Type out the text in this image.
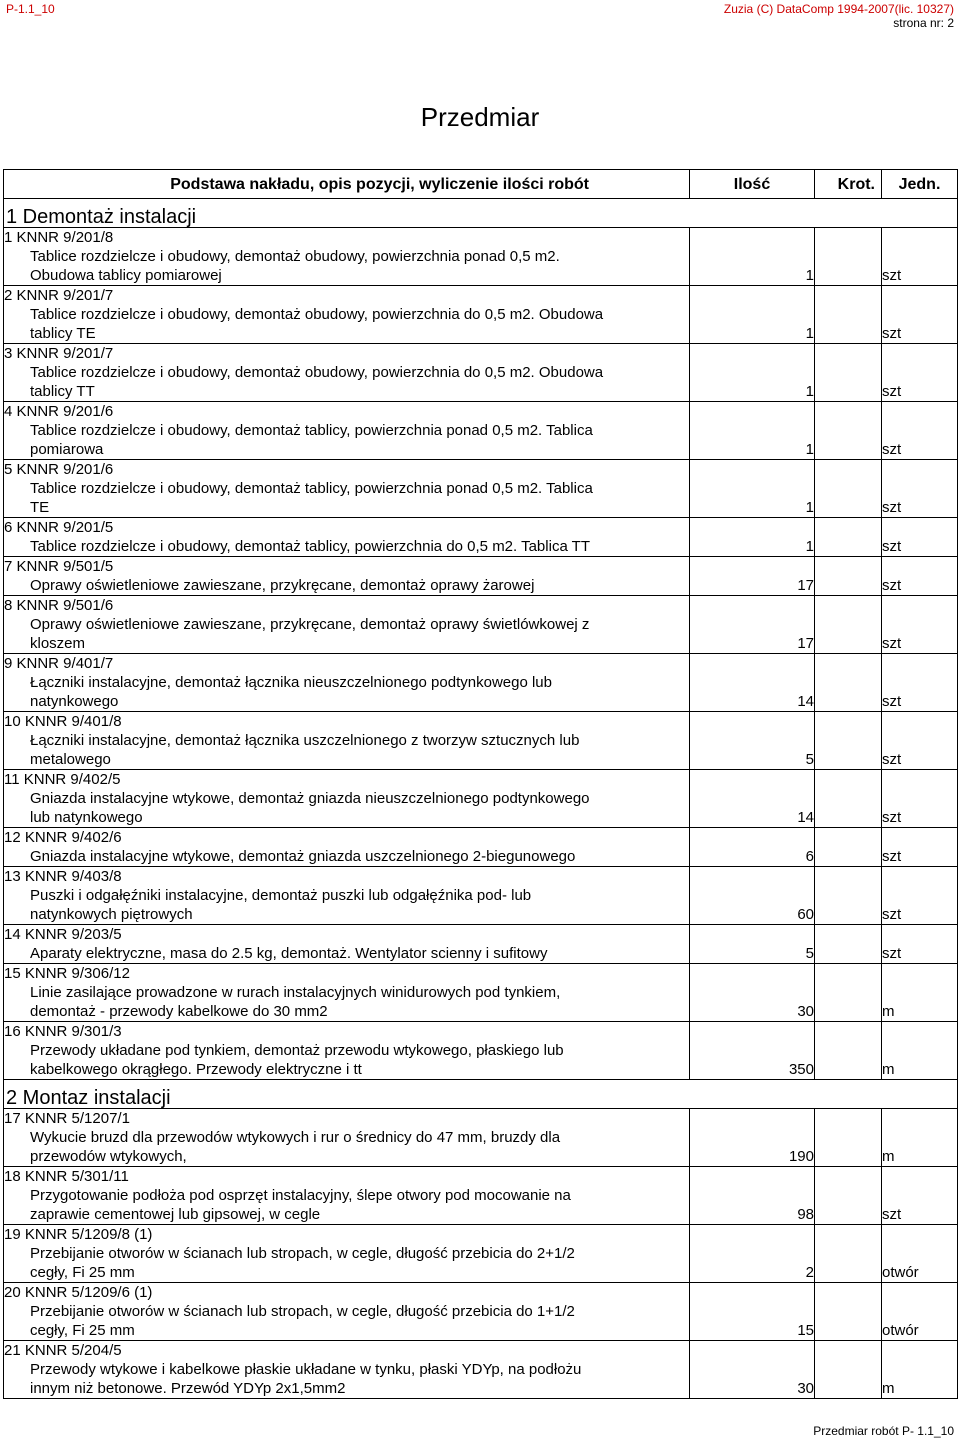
P-1.1_10	Zuzia (C) DataComp 1994-2007(lic. 10327)
strona nr: 2
Przedmiar
Podstawa nakładu, opis pozycji, wyliczenie ilości robót	Ilość	Krot.	Jedn.
1 Demontaż instalacji			

1 KNNR 9/201/8
Tablice rozdzielcze i obudowy, demontaż obudowy, powierzchnia ponad 0,5 m2.
Obudowa tablicy pomiarowej	1		szt

2 KNNR 9/201/7
Tablice rozdzielcze i obudowy, demontaż obudowy, powierzchnia do 0,5 m2. Obudowa
tablicy TE	1		szt

3 KNNR 9/201/7
Tablice rozdzielcze i obudowy, demontaż obudowy, powierzchnia do 0,5 m2. Obudowa
tablicy TT	1		szt

4 KNNR 9/201/6
Tablice rozdzielcze i obudowy, demontaż tablicy, powierzchnia ponad 0,5 m2. Tablica
pomiarowa	1		szt

5 KNNR 9/201/6
Tablice rozdzielcze i obudowy, demontaż tablicy, powierzchnia ponad 0,5 m2. Tablica
TE	1		szt

6 KNNR 9/201/5
Tablice rozdzielcze i obudowy, demontaż tablicy, powierzchnia do 0,5 m2. Tablica TT	1		szt

7 KNNR 9/501/5
Oprawy oświetleniowe zawieszane, przykręcane, demontaż oprawy żarowej	17		szt

8 KNNR 9/501/6
Oprawy oświetleniowe zawieszane, przykręcane, demontaż oprawy świetlówkowej z
kloszem	17		szt

9 KNNR 9/401/7
Łączniki instalacyjne, demontaż łącznika nieuszczelnionego podtynkowego lub
natynkowego	14		szt

10 KNNR 9/401/8
Łączniki instalacyjne, demontaż łącznika uszczelnionego z tworzyw sztucznych lub
metalowego	5		szt

11 KNNR 9/402/5
Gniazda instalacyjne wtykowe, demontaż gniazda nieuszczelnionego podtynkowego
lub natynkowego	14		szt

12 KNNR 9/402/6
Gniazda instalacyjne wtykowe, demontaż gniazda uszczelnionego 2-biegunowego	6		szt

13 KNNR 9/403/8
Puszki i odgałęźniki instalacyjne, demontaż puszki lub odgałęźnika pod- lub
natynkowych piętrowych	60		szt

14 KNNR 9/203/5
Aparaty elektryczne, masa do 2.5 kg, demontaż. Wentylator scienny i sufitowy	5		szt

15 KNNR 9/306/12
Linie zasilające prowadzone w rurach instalacyjnych winidurowych pod tynkiem,
demontaż - przewody kabelkowe do 30 mm2	30		m

16 KNNR 9/301/3
Przewody układane pod tynkiem, demontaż przewodu wtykowego, płaskiego lub
kabelkowego okrągłego. Przewody elektryczne i tt	350		m
2 Montaz instalacji			

17 KNNR 5/1207/1
Wykucie bruzd dla przewodów wtykowych i rur o średnicy do 47 mm, bruzdy dla
przewodów wtykowych,	190		m

18 KNNR 5/301/11
Przygotowanie podłoża pod osprzęt instalacyjny, ślepe otwory pod mocowanie na
zaprawie cementowej lub gipsowej, w cegle	98		szt

19 KNNR 5/1209/8 (1)
Przebijanie otworów w ścianach lub stropach, w cegle, długość przebicia do 2+1/2
cegły, Fi 25 mm	2		otwór

20 KNNR 5/1209/6 (1)
Przebijanie otworów w ścianach lub stropach, w cegle, długość przebicia do 1+1/2
cegły, Fi 25 mm	15		otwór

21 KNNR 5/204/5
Przewody wtykowe i kabelkowe płaskie układane w tynku, płaski YDYp, na podłożu
innym niż betonowe. Przewód YDYp 2x1,5mm2	30		m
Przedmiar robót P- 1.1_10
